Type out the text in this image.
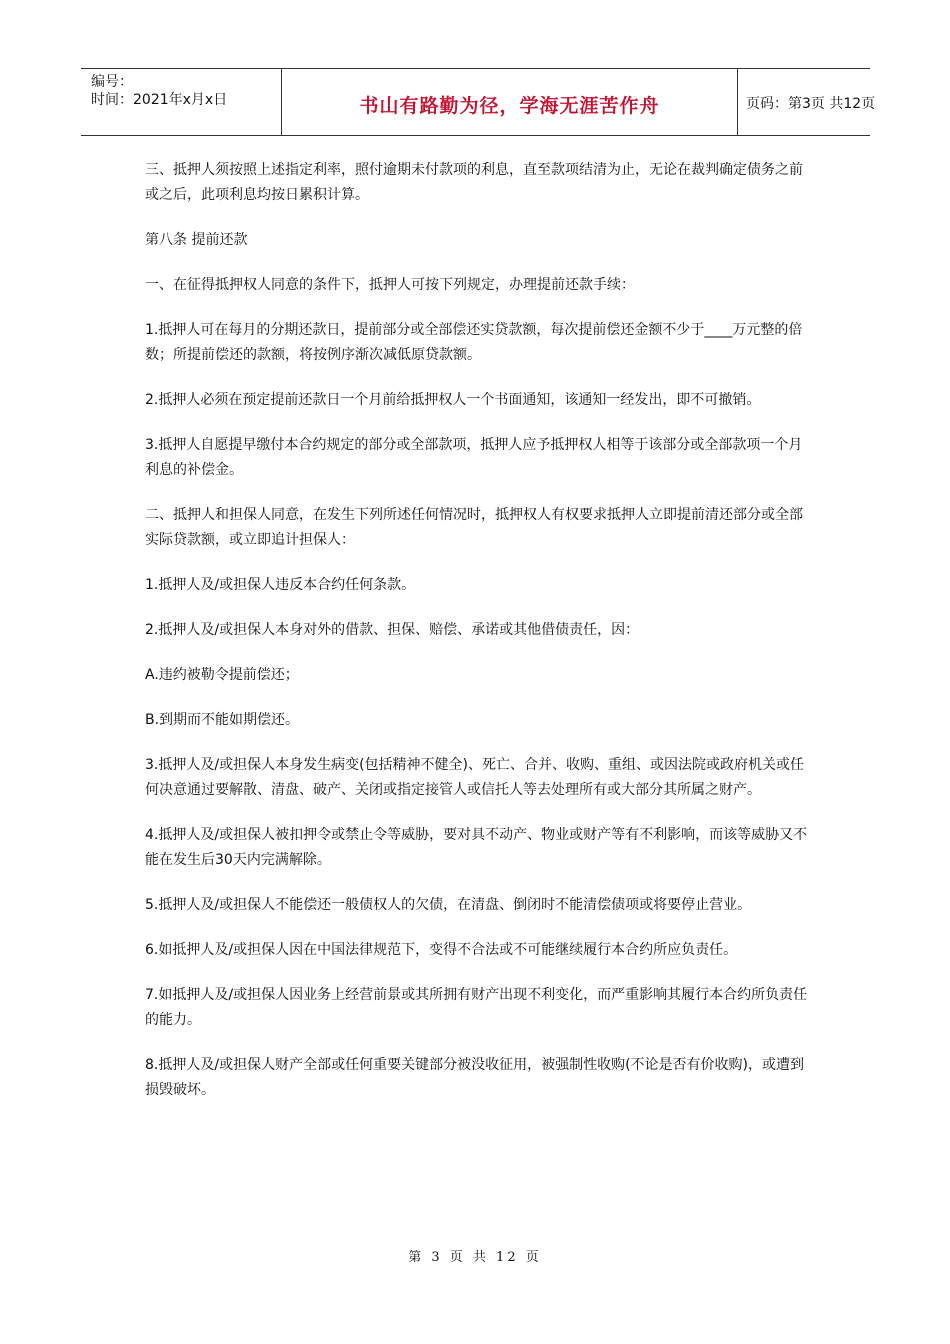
编号：
时间：2021年x月x日	书山有路勤为径，学海无涯苦作舟	页码：第3页 共12页

三、抵押人须按照上述指定利率，照付逾期未付款项的利息，直至款项结清为止，无论在裁判确定债务之前或之后，此项利息均按日累积计算。

第八条 提前还款

一、在征得抵押权人同意的条件下，抵押人可按下列规定，办理提前还款手续：

1.抵押人可在每月的分期还款日，提前部分或全部偿还实贷款额，每次提前偿还金额不少于____万元整的倍数；所提前偿还的款额，将按例序渐次减低原贷款额。

2.抵押人必须在预定提前还款日一个月前给抵押权人一个书面通知，该通知一经发出，即不可撤销。

3.抵押人自愿提早缴付本合约规定的部分或全部款项，抵押人应予抵押权人相等于该部分或全部款项一个月利息的补偿金。

二、抵押人和担保人同意，在发生下列所述任何情况时，抵押权人有权要求抵押人立即提前清还部分或全部实际贷款额，或立即追计担保人：

1.抵押人及/或担保人违反本合约任何条款。

2.抵押人及/或担保人本身对外的借款、担保、赔偿、承诺或其他借债责任，因：

A.违约被勒令提前偿还；

B.到期而不能如期偿还。

3.抵押人及/或担保人本身发生病变(包括精神不健全)、死亡、合并、收购、重组、或因法院或政府机关或任何决意通过要解散、清盘、破产、关闭或指定接管人或信托人等去处理所有或大部分其所属之财产。

4.抵押人及/或担保人被扣押令或禁止令等威胁，要对具不动产、物业或财产等有不利影响，而该等威胁又不能在发生后30天内完满解除。

5.抵押人及/或担保人不能偿还一般债权人的欠债，在清盘、倒闭时不能清偿债项或将要停止营业。

6.如抵押人及/或担保人因在中国法律规范下，变得不合法或不可能继续履行本合约所应负责任。

7.如抵押人及/或担保人因业务上经营前景或其所拥有财产出现不利变化，而严重影响其履行本合约所负责任的能力。

8.抵押人及/或担保人财产全部或任何重要关键部分被没收征用，被强制性收购(不论是否有价收购)，或遭到损毁破坏。

第 3 页 共 12 页
